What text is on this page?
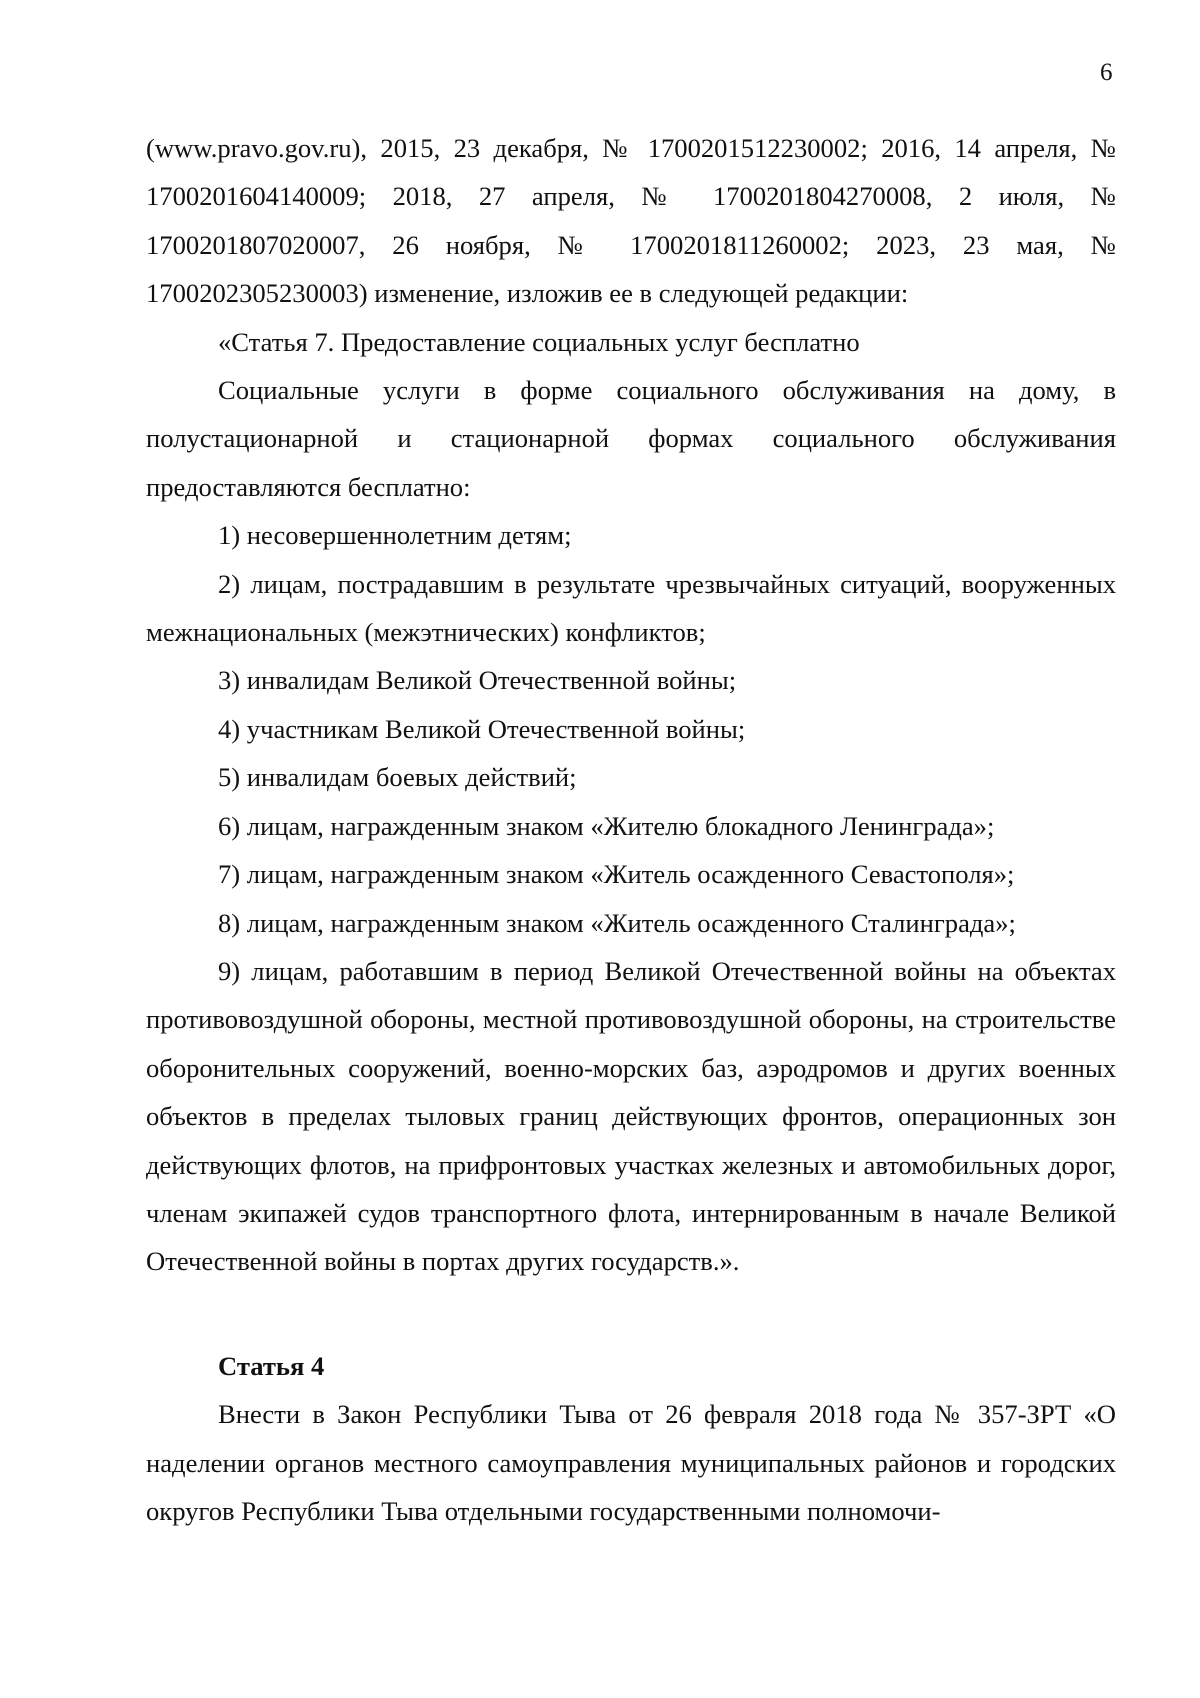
6

(www.pravo.gov.ru), 2015, 23 декабря, № 1700201512230002; 2016, 14 апреля, № 1700201604140009; 2018, 27 апреля, № 1700201804270008, 2 июля, № 1700201807020007, 26 ноября, № 1700201811260002; 2023, 23 мая, № 1700202305230003) изменение, изложив ее в следующей редакции:

«Статья 7. Предоставление социальных услуг бесплатно

Социальные услуги в форме социального обслуживания на дому, в полустационарной и стационарной формах социального обслуживания предоставляются бесплатно:

1) несовершеннолетним детям;

2) лицам, пострадавшим в результате чрезвычайных ситуаций, вооруженных межнациональных (межэтнических) конфликтов;

3) инвалидам Великой Отечественной войны;

4) участникам Великой Отечественной войны;

5) инвалидам боевых действий;

6) лицам, награжденным знаком «Жителю блокадного Ленинграда»;

7) лицам, награжденным знаком «Житель осажденного Севастополя»;

8) лицам, награжденным знаком «Житель осажденного Сталинграда»;

9) лицам, работавшим в период Великой Отечественной войны на объектах противовоздушной обороны, местной противовоздушной обороны, на строительстве оборонительных сооружений, военно-морских баз, аэродромов и других военных объектов в пределах тыловых границ действующих фронтов, операционных зон действующих флотов, на прифронтовых участках железных и автомобильных дорог, членам экипажей судов транспортного флота, интернированным в начале Великой Отечественной войны в портах других государств.».

Статья 4

Внести в Закон Республики Тыва от 26 февраля 2018 года № 357-ЗРТ «О наделении органов местного самоуправления муниципальных районов и городских округов Республики Тыва отдельными государственными полномочи-
